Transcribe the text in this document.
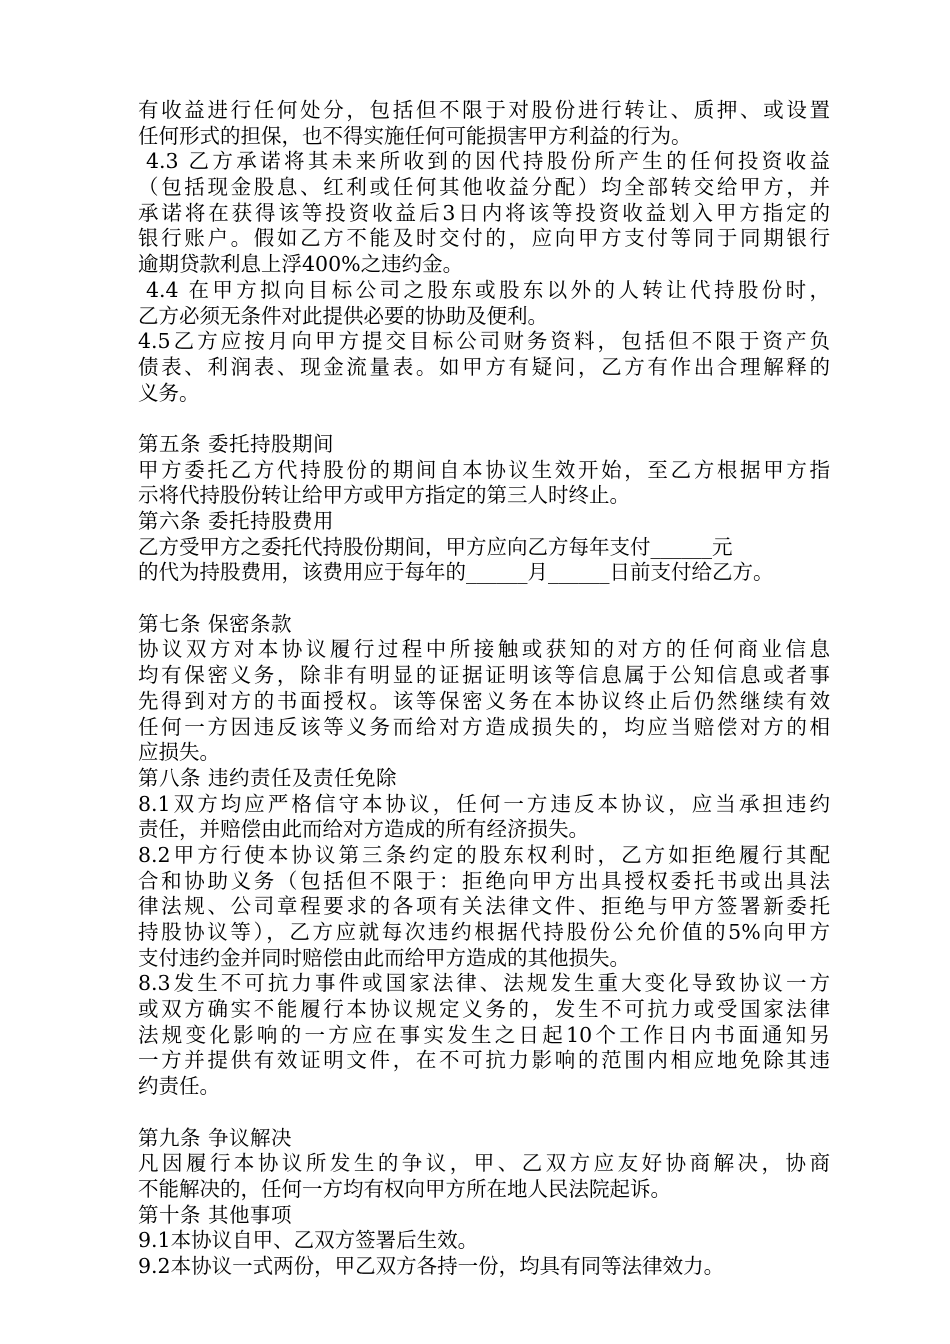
有收益进行任何处分，包括但不限于对股份进行转让、质押、或设置
任何形式的担保，也不得实施任何可能损害甲方利益的行为。
4.3 乙方承诺将其未来所收到的因代持股份所产生的任何投资收益
（包括现金股息、红利或任何其他收益分配）均全部转交给甲方，并
承诺将在获得该等投资收益后3日内将该等投资收益划入甲方指定的
银行账户。假如乙方不能及时交付的，应向甲方支付等同于同期银行
逾期贷款利息上浮400%之违约金。
4.4 在甲方拟向目标公司之股东或股东以外的人转让代持股份时，
乙方必须无条件对此提供必要的协助及便利。
4.5乙方应按月向甲方提交目标公司财务资料，包括但不限于资产负
债表、利润表、现金流量表。如甲方有疑问，乙方有作出合理解释的
义务。
第五条 委托持股期间
甲方委托乙方代持股份的期间自本协议生效开始，至乙方根据甲方指
示将代持股份转让给甲方或甲方指定的第三人时终止。
第六条 委托持股费用
乙方受甲方之委托代持股份期间，甲方应向乙方每年支付______元
的代为持股费用，该费用应于每年的______月______日前支付给乙方。
第七条 保密条款
协议双方对本协议履行过程中所接触或获知的对方的任何商业信息
均有保密义务，除非有明显的证据证明该等信息属于公知信息或者事
先得到对方的书面授权。该等保密义务在本协议终止后仍然继续有效
任何一方因违反该等义务而给对方造成损失的，均应当赔偿对方的相
应损失。
第八条 违约责任及责任免除
8.1双方均应严格信守本协议，任何一方违反本协议，应当承担违约
责任，并赔偿由此而给对方造成的所有经济损失。
8.2甲方行使本协议第三条约定的股东权利时，乙方如拒绝履行其配
合和协助义务（包括但不限于：拒绝向甲方出具授权委托书或出具法
律法规、公司章程要求的各项有关法律文件、拒绝与甲方签署新委托
持股协议等），乙方应就每次违约根据代持股份公允价值的5%向甲方
支付违约金并同时赔偿由此而给甲方造成的其他损失。
8.3发生不可抗力事件或国家法律、法规发生重大变化导致协议一方
或双方确实不能履行本协议规定义务的，发生不可抗力或受国家法律
法规变化影响的一方应在事实发生之日起10个工作日内书面通知另
一方并提供有效证明文件，在不可抗力影响的范围内相应地免除其违
约责任。
第九条 争议解决
凡因履行本协议所发生的争议，甲、乙双方应友好协商解决，协商
不能解决的，任何一方均有权向甲方所在地人民法院起诉。
第十条 其他事项
9.1本协议自甲、乙双方签署后生效。
9.2本协议一式两份，甲乙双方各持一份，均具有同等法律效力。
